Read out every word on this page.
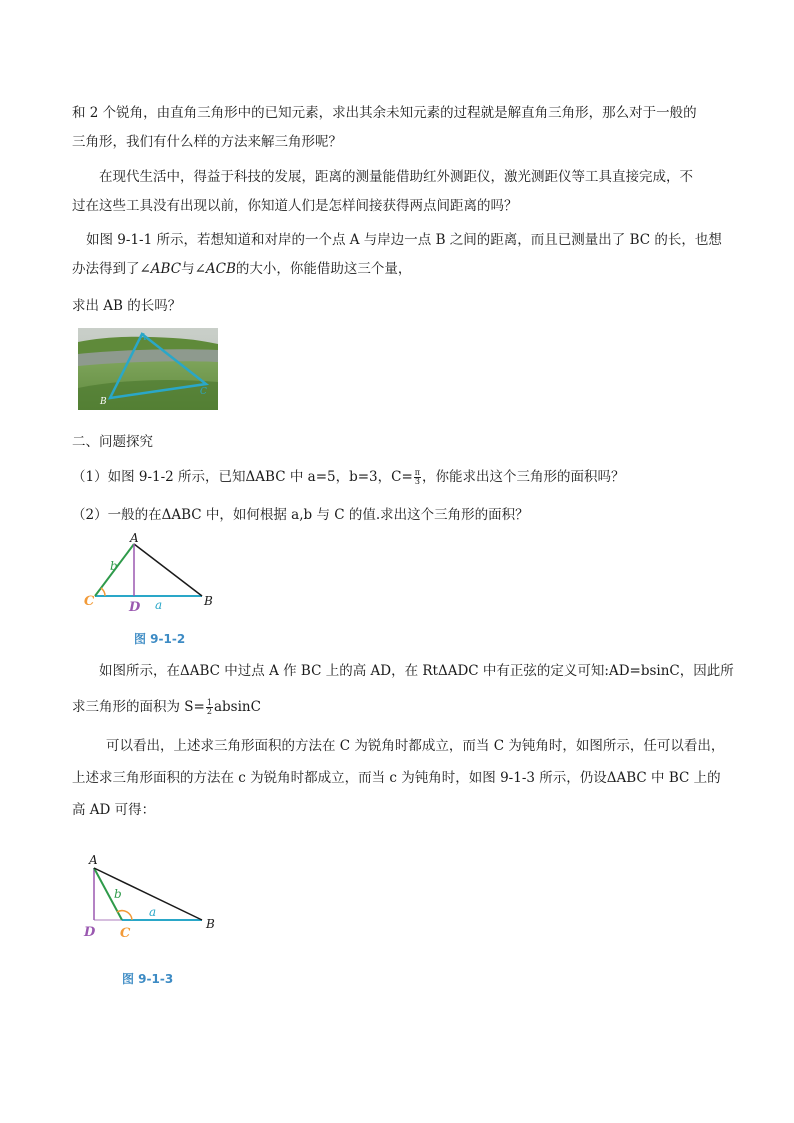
和 2 个锐角，由直角三角形中的已知元素，求出其余未知元素的过程就是解直角三角形，那么对于一般的
三角形，我们有什么样的方法来解三角形呢？
在现代生活中，得益于科技的发展，距离的测量能借助红外测距仪，激光测距仪等工具直接完成，不
过在这些工具没有出现以前，你知道人们是怎样间接获得两点间距离的吗？
如图 9-1-1 所示，若想知道和对岸的一个点 A 与岸边一点 B 之间的距离，而且已测量出了 BC 的长，也想
办法得到了∠ABC与∠ACB的大小，你能借助这三个量，
求出 AB 的长吗？
A
B
C
二、问题探究
（1）如图 9-1-2 所示，已知ΔABC 中 a=5，b=3，$C= \frac{\pi}{3}$ ，你能求出这个三角形的面积吗？
（2）一般的在ΔABC 中，如何根据 a,b 与 C 的值.求出这个三角形的面积？
A
b
C	D a	B
图 9-1-2
如图所示，在ΔABC 中过点 A 作 BC 上的高 AD，在 RtΔADC 中有正弦的定义可知:AD=bsinC，因此所
求三角形的面积为 $S= \frac{1}{2}$ absinC
可以看出，上述求三角形面积的方法在 C 为锐角时都成立，而当 C 为钝角时，如图所示，任可以看出，
上述求三角形面积的方法在 c 为锐角时都成立，而当 c 为钝角时，如图 9-1-3 所示，仍设ΔABC 中 BC 上的
高 AD 可得：
A
b
a
B
D C
图 9-1-3
